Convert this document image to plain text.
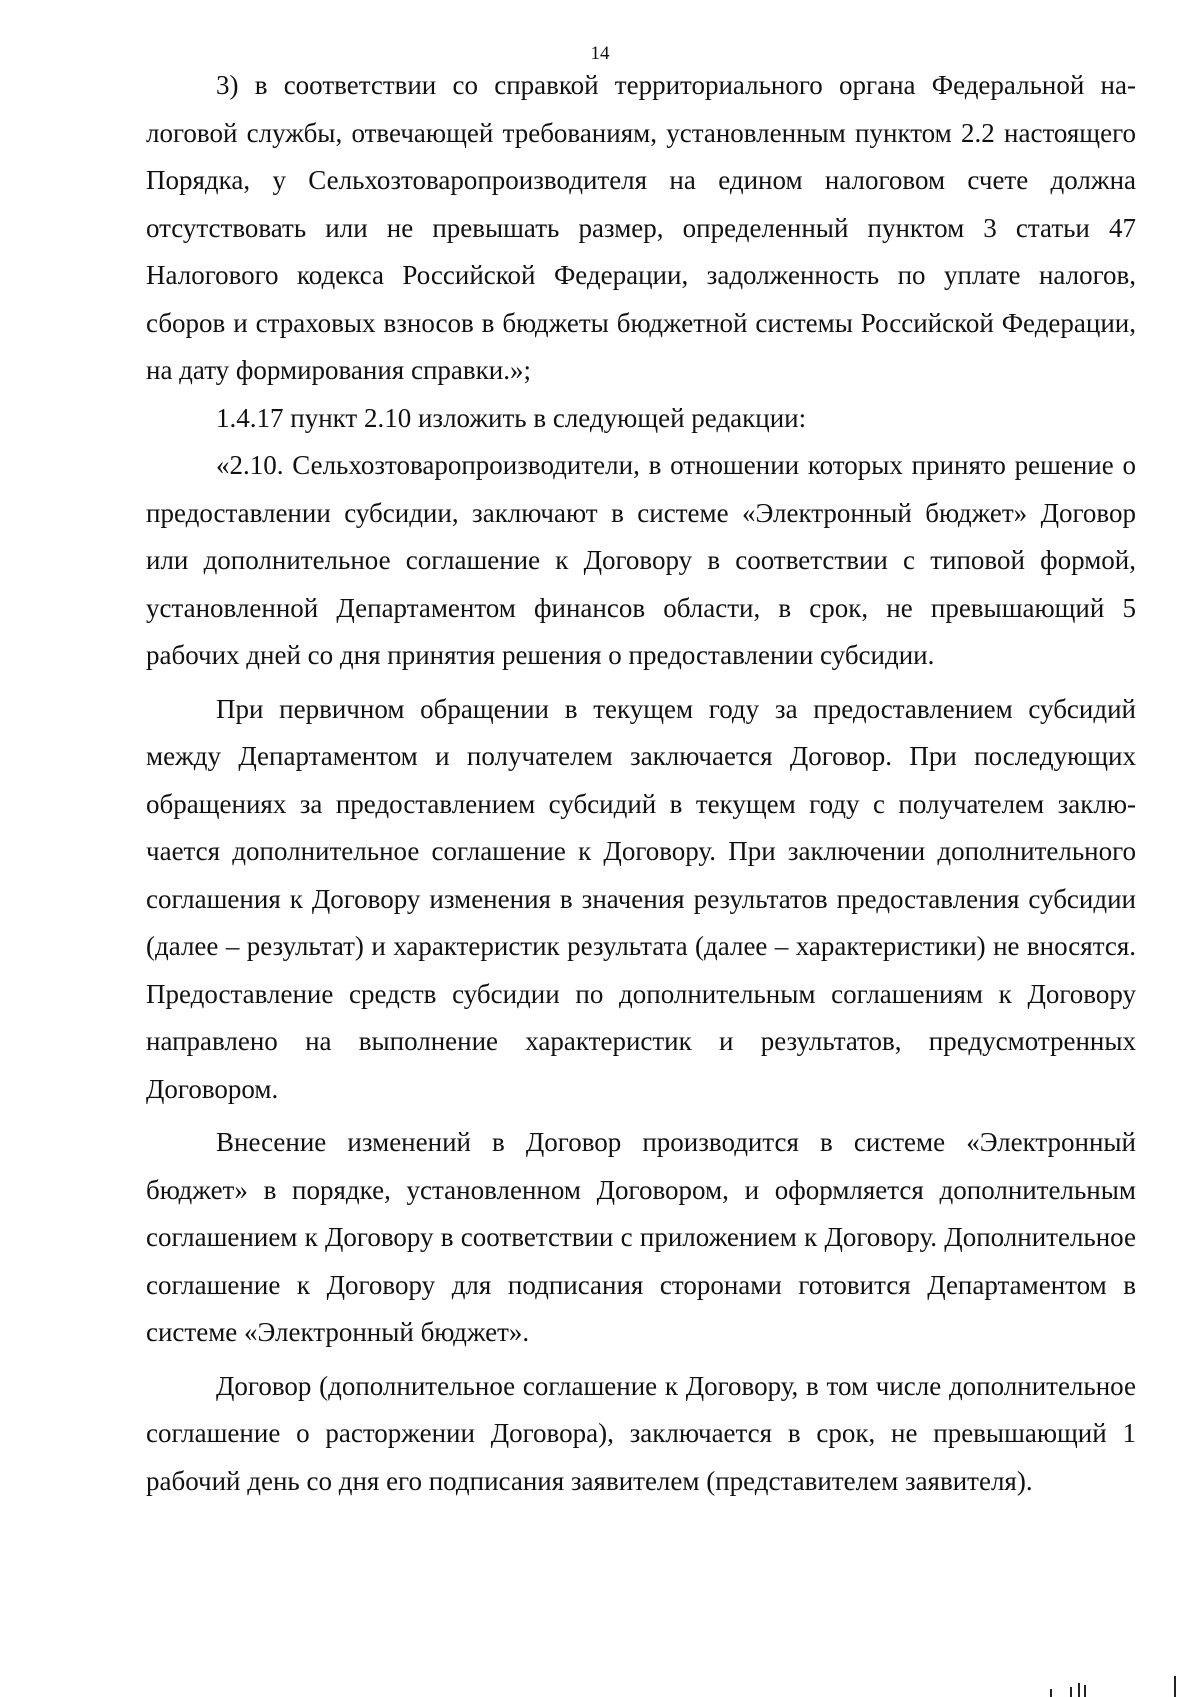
14

3) в соответствии со справкой территориального органа Федеральной налоговой службы, отвечающей требованиям, установленным пунктом 2.2 настоящего Порядка, у Сельхозтоваропроизводителя на едином налоговом счете должна отсутствовать или не превышать размер, определенный пунктом 3 статьи 47 Налогового кодекса Российской Федерации, задолженность по уплате налогов, сборов и страховых взносов в бюджеты бюджетной системы Российской Федерации, на дату формирования справки.»;

1.4.17 пункт 2.10 изложить в следующей редакции:

«2.10. Сельхозтоваропроизводители, в отношении которых принято решение о предоставлении субсидии, заключают в системе «Электронный бюджет» Договор или дополнительное соглашение к Договору в соответствии с типовой формой, установленной Департаментом финансов области, в срок, не превышающий 5 рабочих дней со дня принятия решения о предоставлении субсидии.

При первичном обращении в текущем году за предоставлением субсидий между Департаментом и получателем заключается Договор. При последующих обращениях за предоставлением субсидий в текущем году с получателем заключается дополнительное соглашение к Договору. При заключении дополнительного соглашения к Договору изменения в значения результатов предоставления субсидии (далее – результат) и характеристик результата (далее – характеристики) не вносятся. Предоставление средств субсидии по дополнительным соглашениям к Договору направлено на выполнение характеристик и результатов, предусмотренных Договором.

Внесение изменений в Договор производится в системе «Электронный бюджет» в порядке, установленном Договором, и оформляется дополнительным соглашением к Договору в соответствии с приложением к Договору. Дополнительное соглашение к Договору для подписания сторонами готовится Департаментом в системе «Электронный бюджет».

Договор (дополнительное соглашение к Договору, в том числе дополнительное соглашение о расторжении Договора), заключается в срок, не превышающий 1 рабочий день со дня его подписания заявителем (представителем заявителя).
